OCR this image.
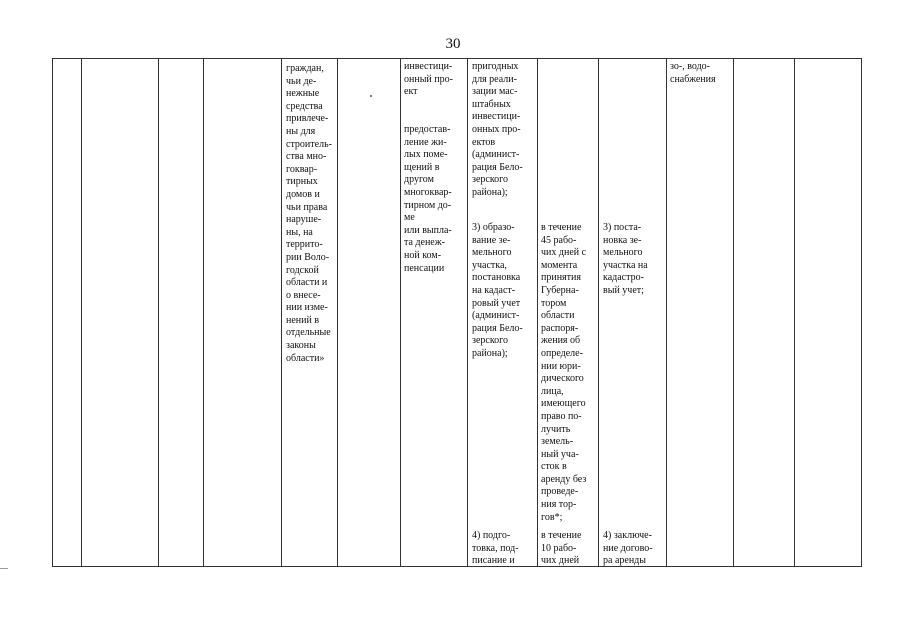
30
граждан,
чьи де-
нежные
средства
привлече-
ны для
строитель-
ства мно-
гоквар-
тирных
домов и
чьи права
наруше-
ны, на
террито-
рии Воло-
годской
области и
о внесе-
нии изме-
нений в
отдельные
законы
области»
инвестици-
онный про-
ект
предостав-
ление жи-
лых поме-
щений в
другом
многоквар-
тирном до-
ме
или выпла-
та денеж-
ной ком-
пенсации
пригодных
для реали-
зации мас-
штабных
инвестици-
онных про-
ектов
(админист-
рация Бело-
зерского
района);
3) образо-
вание зе-
мельного
участка,
постановка
на кадаст-
ровый учет
(админист-
рация Бело-
зерского
района);
4) подго-
товка, под-
писание и
в течение
45 рабо-
чих дней с
момента
принятия
Губерна-
тором
области
распоря-
жения об
определе-
нии юри-
дического
лица,
имеющего
право по-
лучить
земель-
ный уча-
сток в
аренду без
проведе-
ния тор-
гов*;
в течение
10 рабо-
чих дней
3) поста-
новка зе-
мельного
участка на
кадастро-
вый учет;
4) заключе-
ние догово-
ра аренды
зо-, водо-
снабжения
